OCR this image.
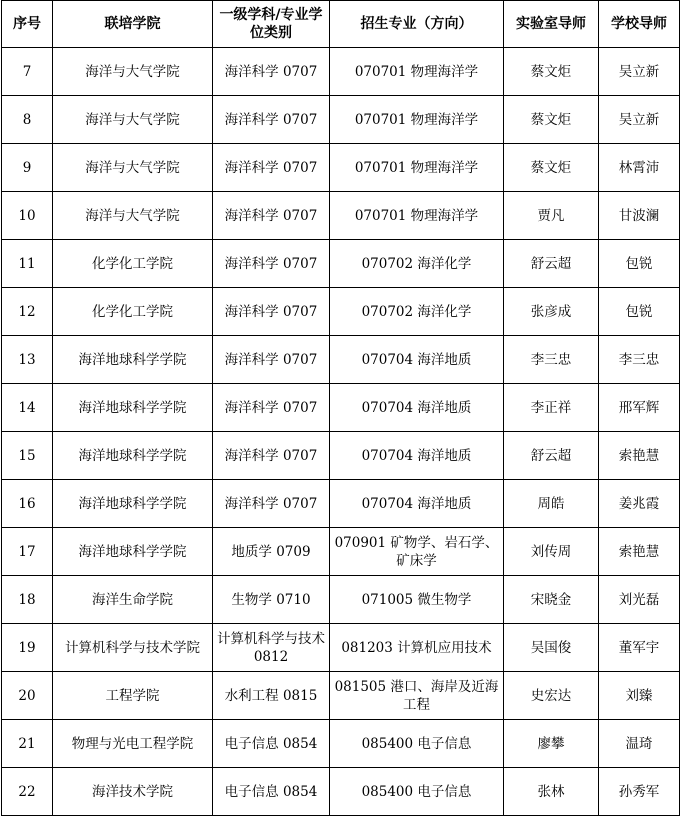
序号	联培学院	一级学科/专业学位类别	招生专业（方向）	实验室导师	学校导师
7	海洋与大气学院	海洋科学 0707	070701 物理海洋学	蔡文炬	吴立新
8	海洋与大气学院	海洋科学 0707	070701 物理海洋学	蔡文炬	吴立新
9	海洋与大气学院	海洋科学 0707	070701 物理海洋学	蔡文炬	林霄沛
10	海洋与大气学院	海洋科学 0707	070701 物理海洋学	贾凡	甘波澜
11	化学化工学院	海洋科学 0707	070702 海洋化学	舒云超	包锐
12	化学化工学院	海洋科学 0707	070702 海洋化学	张彦成	包锐
13	海洋地球科学学院	海洋科学 0707	070704 海洋地质	李三忠	李三忠
14	海洋地球科学学院	海洋科学 0707	070704 海洋地质	李正祥	邢军辉
15	海洋地球科学学院	海洋科学 0707	070704 海洋地质	舒云超	索艳慧
16	海洋地球科学学院	海洋科学 0707	070704 海洋地质	周皓	姜兆霞
17	海洋地球科学学院	地质学 0709	070901 矿物学、岩石学、矿床学	刘传周	索艳慧
18	海洋生命学院	生物学 0710	071005 微生物学	宋晓金	刘光磊
19	计算机科学与技术学院	计算机科学与技术 0812	081203 计算机应用技术	吴国俊	董军宇
20	工程学院	水利工程 0815	081505 港口、海岸及近海工程	史宏达	刘臻
21	物理与光电工程学院	电子信息 0854	085400 电子信息	廖攀	温琦
22	海洋技术学院	电子信息 0854	085400 电子信息	张林	孙秀军
